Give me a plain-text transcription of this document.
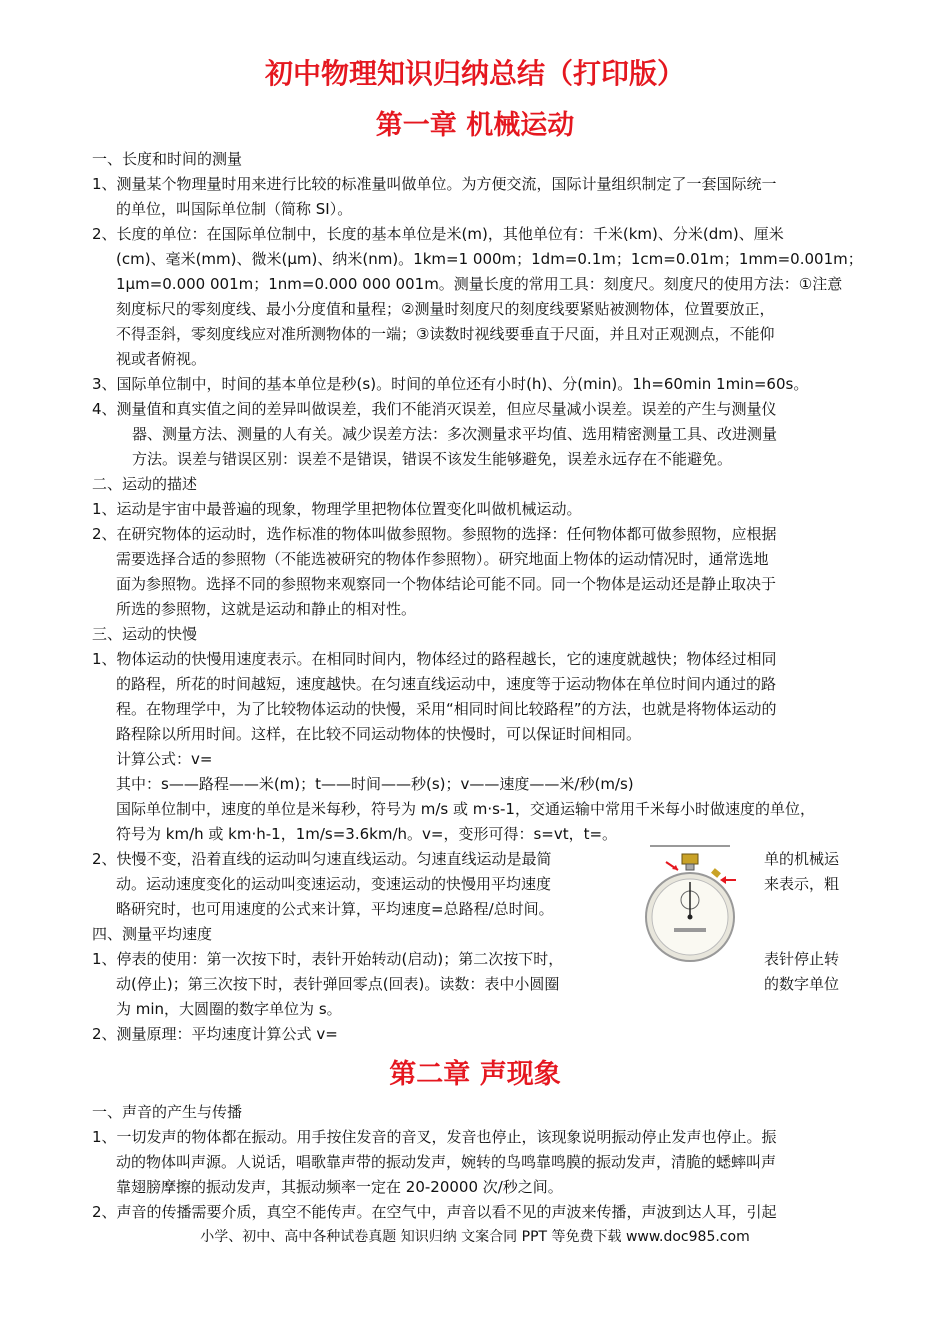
初中物理知识归纳总结（打印版）
第一章 机械运动
一、长度和时间的测量
1、测量某个物理量时用来进行比较的标准量叫做单位。为方便交流，国际计量组织制定了一套国际统一
的单位，叫国际单位制（简称 SI）。
2、长度的单位：在国际单位制中，长度的基本单位是米(m)，其他单位有：千米(km)、分米(dm)、厘米
(cm)、毫米(mm)、微米(μm)、纳米(nm)。1km=1 000m；1dm=0.1m；1cm=0.01m；1mm=0.001m；
1μm=0.000 001m；1nm=0.000 000 001m。测量长度的常用工具：刻度尺。刻度尺的使用方法：①注意
刻度标尺的零刻度线、最小分度值和量程；②测量时刻度尺的刻度线要紧贴被测物体，位置要放正，
不得歪斜，零刻度线应对准所测物体的一端；③读数时视线要垂直于尺面，并且对正观测点，不能仰
视或者俯视。
3、国际单位制中，时间的基本单位是秒(s)。时间的单位还有小时(h)、分(min)。1h=60min 1min=60s。
4、测量值和真实值之间的差异叫做误差，我们不能消灭误差，但应尽量减小误差。误差的产生与测量仪
器、测量方法、测量的人有关。减少误差方法：多次测量求平均值、选用精密测量工具、改进测量
方法。误差与错误区别：误差不是错误，错误不该发生能够避免，误差永远存在不能避免。
二、运动的描述
1、运动是宇宙中最普遍的现象，物理学里把物体位置变化叫做机械运动。
2、在研究物体的运动时，选作标准的物体叫做参照物。参照物的选择：任何物体都可做参照物，应根据
需要选择合适的参照物（不能选被研究的物体作参照物）。研究地面上物体的运动情况时，通常选地
面为参照物。选择不同的参照物来观察同一个物体结论可能不同。同一个物体是运动还是静止取决于
所选的参照物，这就是运动和静止的相对性。
三、运动的快慢
1、物体运动的快慢用速度表示。在相同时间内，物体经过的路程越长，它的速度就越快；物体经过相同
的路程，所花的时间越短，速度越快。在匀速直线运动中，速度等于运动物体在单位时间内通过的路
程。在物理学中，为了比较物体运动的快慢，采用“相同时间比较路程”的方法，也就是将物体运动的
路程除以所用时间。这样，在比较不同运动物体的快慢时，可以保证时间相同。
计算公式：v=
其中：s——路程——米(m)；t——时间——秒(s)；v——速度——米/秒(m/s)
国际单位制中，速度的单位是米每秒，符号为 m/s 或 m·s-1，交通运输中常用千米每小时做速度的单位，
符号为 km/h 或 km·h-1，1m/s=3.6km/h。v=，变形可得：s=vt，t=。
2、快慢不变，沿着直线的运动叫匀速直线运动。匀速直线运动是最简	单的机械运
动。运动速度变化的运动叫变速运动，变速运动的快慢用平均速度	来表示，粗
略研究时，也可用速度的公式来计算，平均速度=总路程/总时间。
四、测量平均速度
1、停表的使用：第一次按下时，表针开始转动(启动)；第二次按下时，	表针停止转
动(停止)；第三次按下时，表针弹回零点(回表)。读数：表中小圆圈	的数字单位
为 min，大圆圈的数字单位为 s。
2、测量原理：平均速度计算公式 v=
第二章 声现象
一、声音的产生与传播
1、一切发声的物体都在振动。用手按住发音的音叉，发音也停止，该现象说明振动停止发声也停止。振
动的物体叫声源。人说话，唱歌靠声带的振动发声，婉转的鸟鸣靠鸣膜的振动发声，清脆的蟋蟀叫声
靠翅膀摩擦的振动发声，其振动频率一定在 20-20000 次/秒之间。
2、声音的传播需要介质，真空不能传声。在空气中，声音以看不见的声波来传播，声波到达人耳，引起
小学、初中、高中各种试卷真题 知识归纳 文案合同 PPT 等免费下载 www.doc985.com
